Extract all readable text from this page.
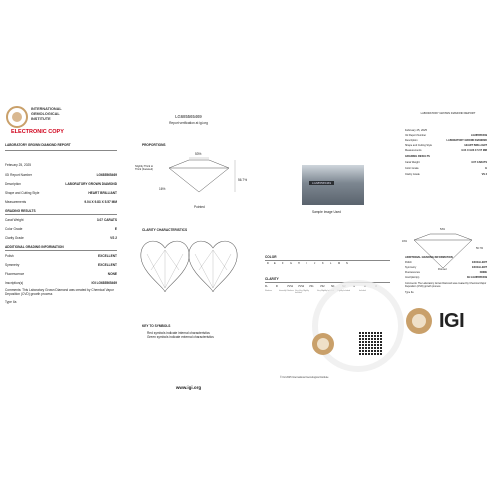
INTERNATIONAL
GEMOLOGICAL
INSTITUTE
ELECTRONIC COPY
LABORATORY GROWN DIAMOND REPORT
February 25, 2025
IGI Report Number	LG685565469
Description	LABORATORY GROWN DIAMOND
Shape and Cutting Style	HEART BRILLIANT
Measurements	9.04 X 9.83 X 5.57 MM
GRADING RESULTS
Carat Weight	3.07 CARATS
Color Grade	E
Clarity Grade	VS 2
ADDITIONAL GRADING INFORMATION
Polish	EXCELLENT
Symmetry	EXCELLENT
Fluorescence	NONE
Inscription(s)	IGI LG685565469
Comments: This Laboratory Grown Diamond was created by Chemical Vapor Deposition (CVD) growth process
Type IIa
LG685565469
Report verification at igi.org
PROPORTIONS
53%
56.7%
Slightly Thick to Thick (Faceted)
16%
Pointed
CLARITY CHARACTERISTICS
KEY TO SYMBOLS
Red symbols indicate internal characteristics
Green symbols indicate external characteristics
www.igi.org
LG685565469
Sample Image Used
COLOR
D E	F	G H I	J	K	L	M N
CLARITY
FL	IF	VVS1 VVS2 VS1	VS2	SI1	SI2	I1	I2	I3
Flawless	Internally Flawless Very Very Slightly Included
Very Slightly Included	Slightly Included	Included
© IGI 2025 International Gemological Institute
LABORATORY GROWN DIAMOND REPORT
February 25, 2025
IGI Report Number	LG685565469
Description	LABORATORY GROWN DIAMOND
Shape and Cutting Style	HEART BRILLIANT
Measurements	9.04 X 9.83 X 5.57 MM
GRADING RESULTS
Carat Weight	3.07 CARATS
Color Grade	E
Clarity Grade	VS 2
53%
56.7%
16%
Pointed
ADDITIONAL GRADING INFORMATION
Polish	EXCELLENT
Symmetry	EXCELLENT
Fluorescence	NONE
Inscription(s)	IGI LG685565469
Comments: The Laboratory Grown Diamond was created by Chemical Vapor Deposition (CVD) growth process
Type IIa
IGI
